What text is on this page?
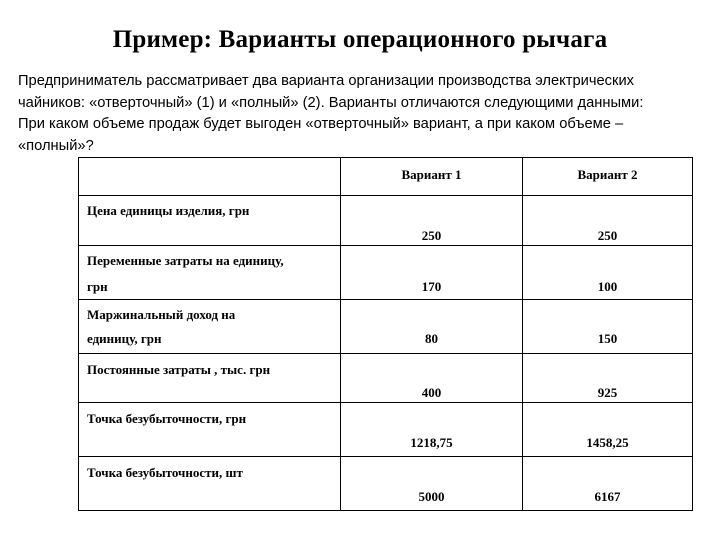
Пример: Варианты операционного рычага
Предприниматель рассматривает два варианта организации производства электрических
чайников: «отверточный» (1) и «полный» (2). Варианты отличаются следующими данными:
При каком объеме продаж будет выгоден «отверточный» вариант, а при каком объеме –
«полный»?
	Вариант 1	Вариант 2

Цена единицы изделия, грн	250	250

Переменные затраты на единицу,
грн	170	100

Маржинальный доход на
единицу, грн	80	150

Постоянные затраты , тыс. грн	400	925

Точка безубыточности, грн	1218,75	1458,25

Точка безубыточности, шт	5000	6167
